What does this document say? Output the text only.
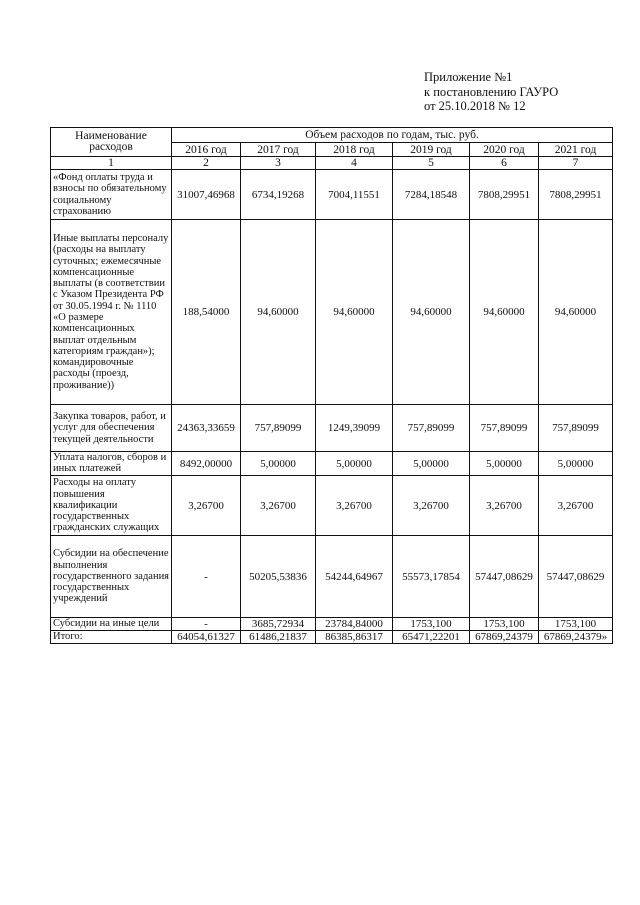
Приложение №1
к постановлению ГАУРО
от 25.10.2018 № 12
Наименование расходов	Объем расходов по годам, тыс. руб.					
	2016 год	2017 год	2018 год	2019 год	2020 год	2021 год
1	2	3	4	5	6	7
«Фонд оплаты труда и взносы по обязательному социальному страхованию	31007,46968	6734,19268	7004,11551	7284,18548	7808,29951	7808,29951
Иные выплаты персоналу (расходы на выплату суточных; ежемесячные компенсационные выплаты (в соответствии с Указом Президента РФ от 30.05.1994 г. № 1110 «О размере компенсационных выплат отдельным категориям граждан»); командировочные расходы (проезд, проживание))	188,54000	94,60000	94,60000	94,60000	94,60000	94,60000
Закупка товаров, работ, и услуг для обеспечения текущей деятельности	24363,33659	757,89099	1249,39099	757,89099	757,89099	757,89099
Уплата налогов, сборов и иных платежей	8492,00000	5,00000	5,00000	5,00000	5,00000	5,00000
Расходы на оплату повышения квалификации государственных гражданских служащих	3,26700	3,26700	3,26700	3,26700	3,26700	3,26700
Субсидии на обеспечение выполнения государственного задания государственных учреждений	-	50205,53836	54244,64967	55573,17854	57447,08629	57447,08629
Субсидии на иные цели	-	3685,72934	23784,84000	1753,100	1753,100	1753,100
Итого:	64054,61327	61486,21837	86385,86317	65471,22201	67869,24379	67869,24379»
